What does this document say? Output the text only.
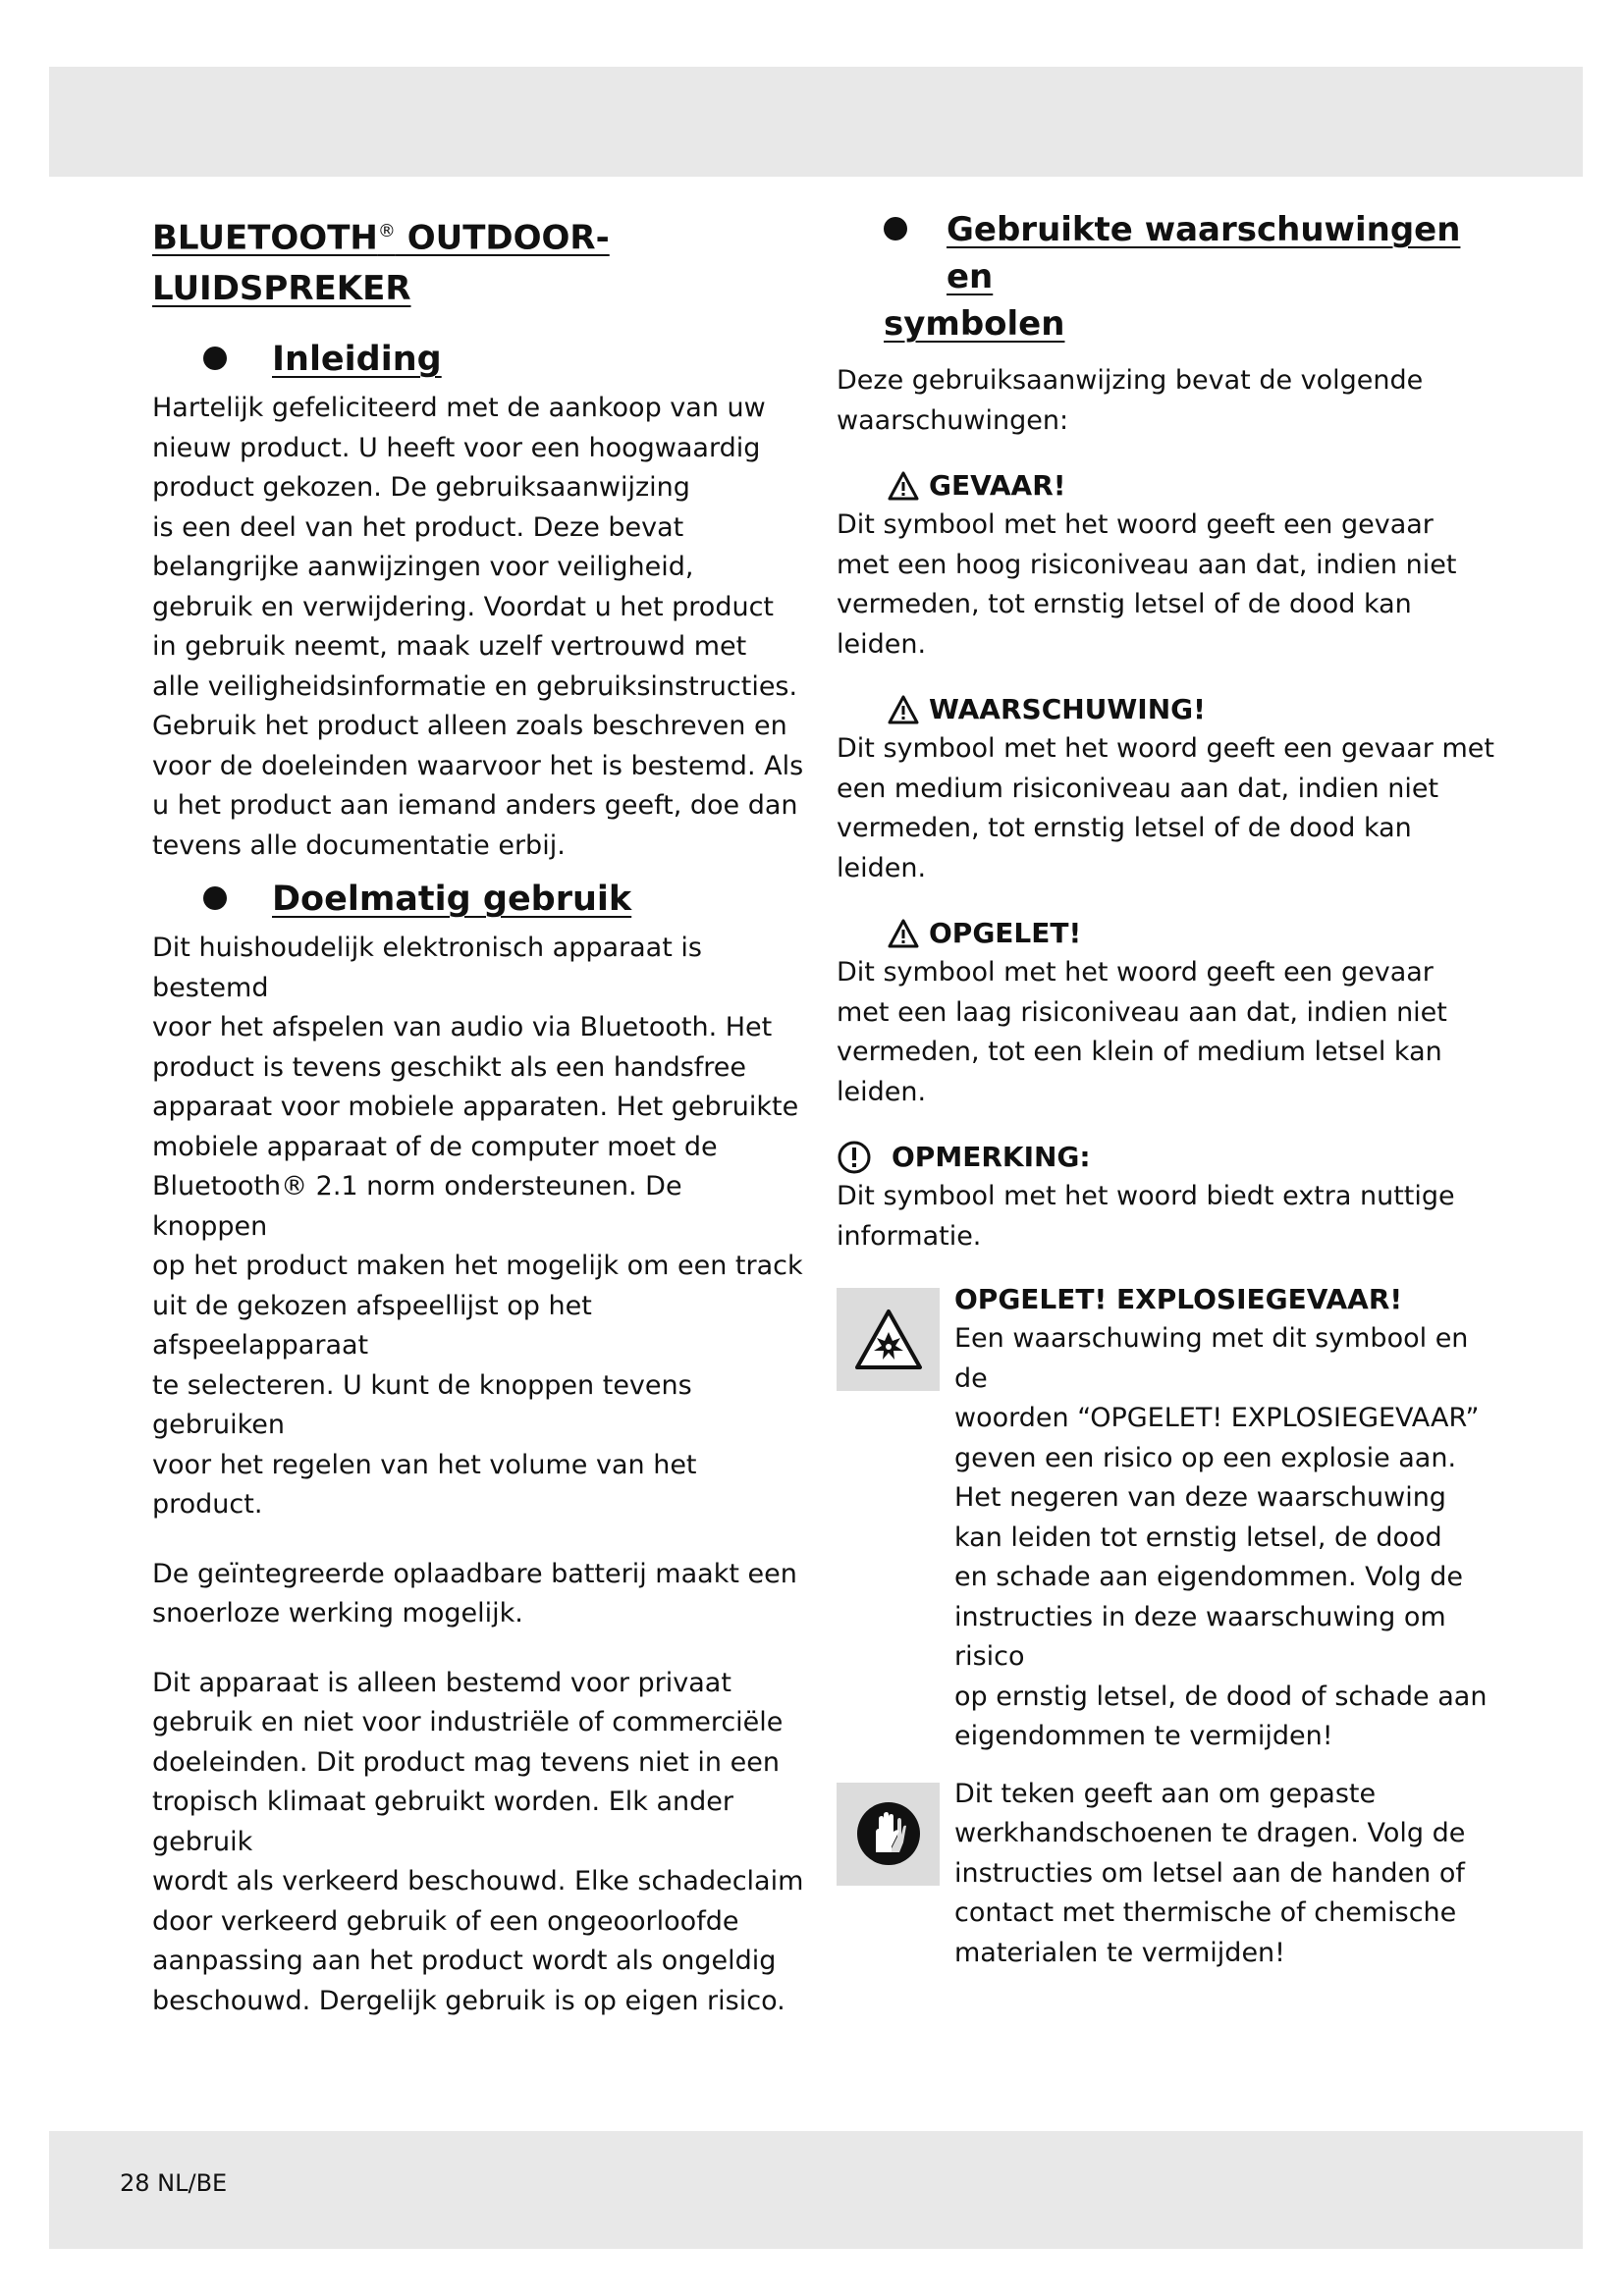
BLUETOOTH® OUTDOOR-
LUIDSPREKER
Inleiding

Hartelijk gefeliciteerd met de aankoop van uw
nieuw product. U heeft voor een hoogwaardig
product gekozen. De gebruiksaanwijzing
is een deel van het product. Deze bevat
belangrijke aanwijzingen voor veiligheid,
gebruik en verwijdering. Voordat u het product
in gebruik neemt, maak uzelf vertrouwd met
alle veiligheidsinformatie en gebruiksinstructies.
Gebruik het product alleen zoals beschreven en
voor de doeleinden waarvoor het is bestemd. Als
u het product aan iemand anders geeft, doe dan
tevens alle documentatie erbij.

Doelmatig gebruik

Dit huishoudelijk elektronisch apparaat is bestemd
voor het afspelen van audio via Bluetooth. Het
product is tevens geschikt als een handsfree
apparaat voor mobiele apparaten. Het gebruikte
mobiele apparaat of de computer moet de
Bluetooth® 2.1 norm ondersteunen. De knoppen
op het product maken het mogelijk om een track
uit de gekozen afspeellijst op het afspeelapparaat
te selecteren. U kunt de knoppen tevens gebruiken
voor het regelen van het volume van het product.

De geïntegreerde oplaadbare batterij maakt een
snoerloze werking mogelijk.

Dit apparaat is alleen bestemd voor privaat
gebruik en niet voor industriële of commerciële
doeleinden. Dit product mag tevens niet in een
tropisch klimaat gebruikt worden. Elk ander gebruik
wordt als verkeerd beschouwd. Elke schadeclaim
door verkeerd gebruik of een ongeoorloofde
aanpassing aan het product wordt als ongeldig
beschouwd. Dergelijk gebruik is op eigen risico.

Gebruikte waarschuwingen en

symbolen

Deze gebruiksaanwijzing bevat de volgende
waarschuwingen:

GEVAAR!

Dit symbool met het woord geeft een gevaar
met een hoog risiconiveau aan dat, indien niet
vermeden, tot ernstig letsel of de dood kan leiden.

WAARSCHUWING!

Dit symbool met het woord geeft een gevaar met
een medium risiconiveau aan dat, indien niet
vermeden, tot ernstig letsel of de dood kan leiden.

OPGELET!

Dit symbool met het woord geeft een gevaar
met een laag risiconiveau aan dat, indien niet
vermeden, tot een klein of medium letsel kan leiden.

OPMERKING:

Dit symbool met het woord biedt extra nuttige
informatie.

OPGELET! EXPLOSIEGEVAAR!

Een waarschuwing met dit symbool en de
woorden “OPGELET! EXPLOSIEGEVAAR”
geven een risico op een explosie aan.
Het negeren van deze waarschuwing
kan leiden tot ernstig letsel, de dood
en schade aan eigendommen. Volg de
instructies in deze waarschuwing om risico
op ernstig letsel, de dood of schade aan
eigendommen te vermijden!

Dit teken geeft aan om gepaste
werkhandschoenen te dragen. Volg de
instructies om letsel aan de handen of
contact met thermische of chemische
materialen te vermijden!

28 NL/BE
